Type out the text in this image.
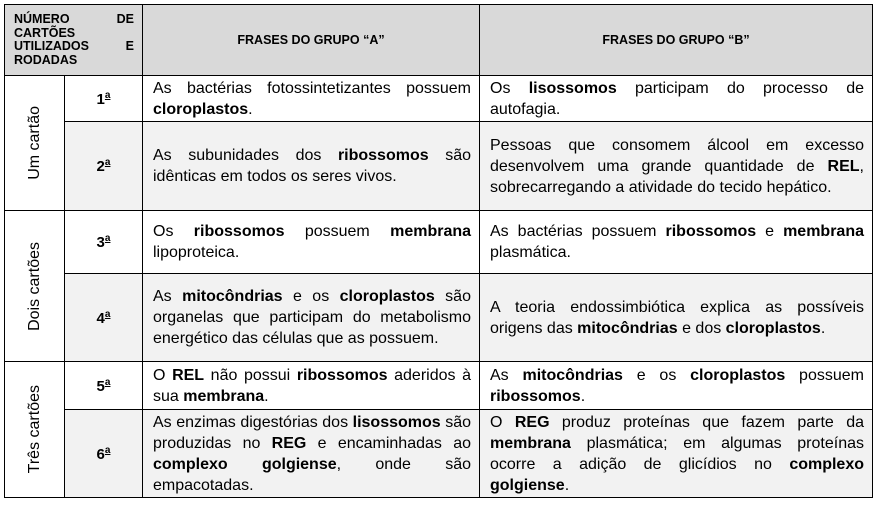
NÚMERO DE
CARTÕES
UTILIZADOS E
RODADAS		FRASES DO GRUPO “A”	FRASES DO GRUPO “B”

Um cartão	1$^a$	As bactérias fotossintetizantes possuem cloroplastos.	Os lisossomos participam do processo de autofagia.
	2$^a$	As subunidades dos ribossomos são idênticas em todos os seres vivos.	Pessoas que consomem álcool em excesso desenvolvem uma grande quantidade de REL, sobrecarregando a atividade do tecido hepático.

Dois cartões	3$^a$	Os ribossomos possuem membrana lipoproteica.	As bactérias possuem ribossomos e membrana plasmática.
	4$^a$	As mitocôndrias e os cloroplastos são organelas que participam do metabolismo energético das células que as possuem.	A teoria endossimbiótica explica as possíveis origens das mitocôndrias e dos cloroplastos.

Três cartões	5$^a$	O REL não possui ribossomos aderidos à sua membrana.	As mitocôndrias e os cloroplastos possuem ribossomos.
	6$^a$	As enzimas digestórias dos lisossomos são produzidas no REG e encaminhadas ao complexo golgiense, onde são empacotadas.	O REG produz proteínas que fazem parte da membrana plasmática; em algumas proteínas ocorre a adição de glicídios no complexo golgiense.
